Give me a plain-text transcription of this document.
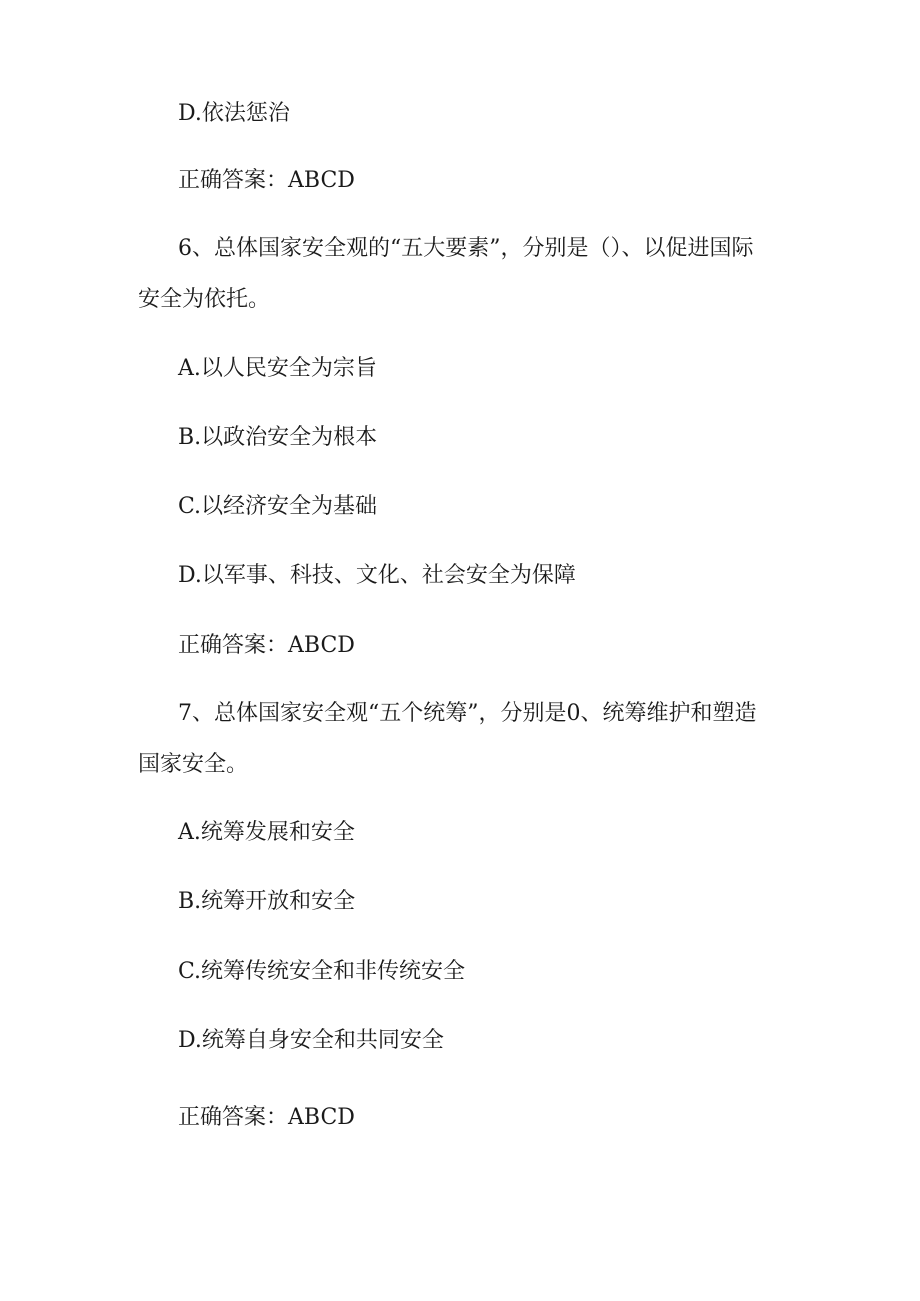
D.依法惩治
正确答案：ABCD
6、总体国家安全观的“五大要素”，分别是（）、以促进国际
安全为依托。
A.以人民安全为宗旨
B.以政治安全为根本
C.以经济安全为基础
D.以军事、科技、文化、社会安全为保障
正确答案：ABCD
7、总体国家安全观“五个统筹”，分别是0、统筹维护和塑造
国家安全。
A.统筹发展和安全
B.统筹开放和安全
C.统筹传统安全和非传统安全
D.统筹自身安全和共同安全
正确答案：ABCD
